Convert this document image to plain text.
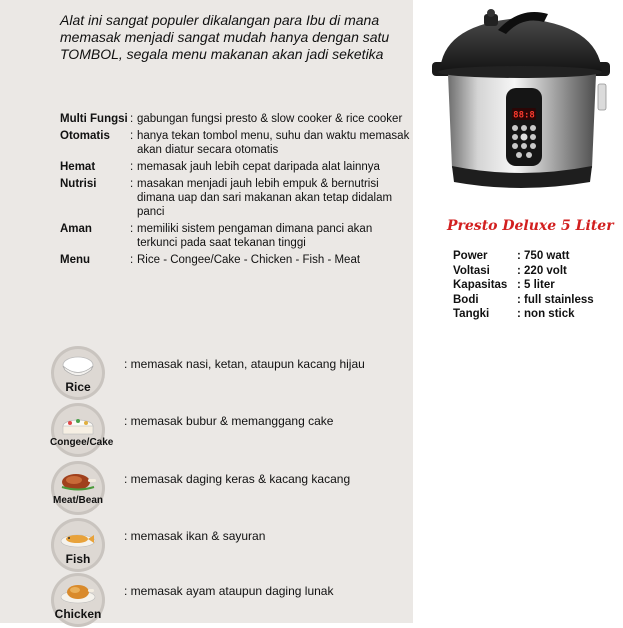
Alat ini sangat populer dikalangan para Ibu di mana memasak menjadi sangat mudah hanya dengan satu TOMBOL, segala menu makanan akan jadi seketika

Multi Fungsi : gabungan fungsi presto & slow cooker & rice cooker
Otomatis	: hanya tekan tombol menu, suhu dan waktu memasak akan diatur secara otomatis
Hemat	: memasak jauh lebih cepat daripada alat lainnya
Nutrisi	: masakan menjadi jauh lebih empuk & bernutrisi dimana uap dan sari makanan akan tetap didalam panci
Aman	: memiliki sistem pengaman dimana panci akan terkunci pada saat tekanan tinggi
Menu	: Rice - Congee/Cake - Chicken - Fish - Meat
Rice
: memasak nasi, ketan, ataupun kacang hijau
Congee/Cake
: memasak bubur & memanggang cake
Meat/Bean
: memasak daging keras & kacang kacang
Fish
: memasak ikan & sayuran
Chicken
: memasak ayam ataupun daging lunak
88:8
Presto Deluxe 5 Liter
Power	: 750 watt
Voltasi	: 220 volt
Kapasitas : 5 liter
Bodi	: full stainless
Tangki	: non stick
